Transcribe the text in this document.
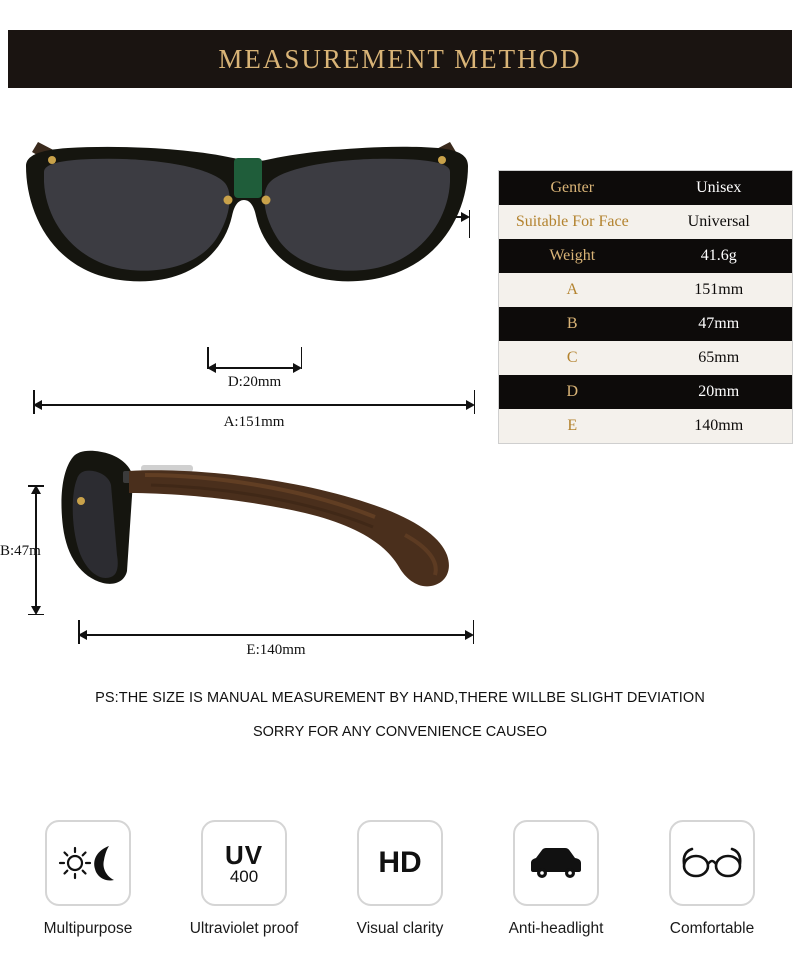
MEASUREMENT METHOD
D:20mm
A:151mm
Genter	Unisex
Suitable For Face	Universal
Weight	41.6g
A	151mm
B	47mm
C	65mm
D	20mm
E	140mm
B:47m
E:140mm
PS:THE SIZE IS MANUAL MEASUREMENT BY HAND,THERE WILLBE SLIGHT DEVIATION
SORRY FOR ANY CONVENIENCE CAUSEO
Multipurpose
UV
400
Ultraviolet proof
HD
Visual clarity	Anti-headlight	Comfortable
